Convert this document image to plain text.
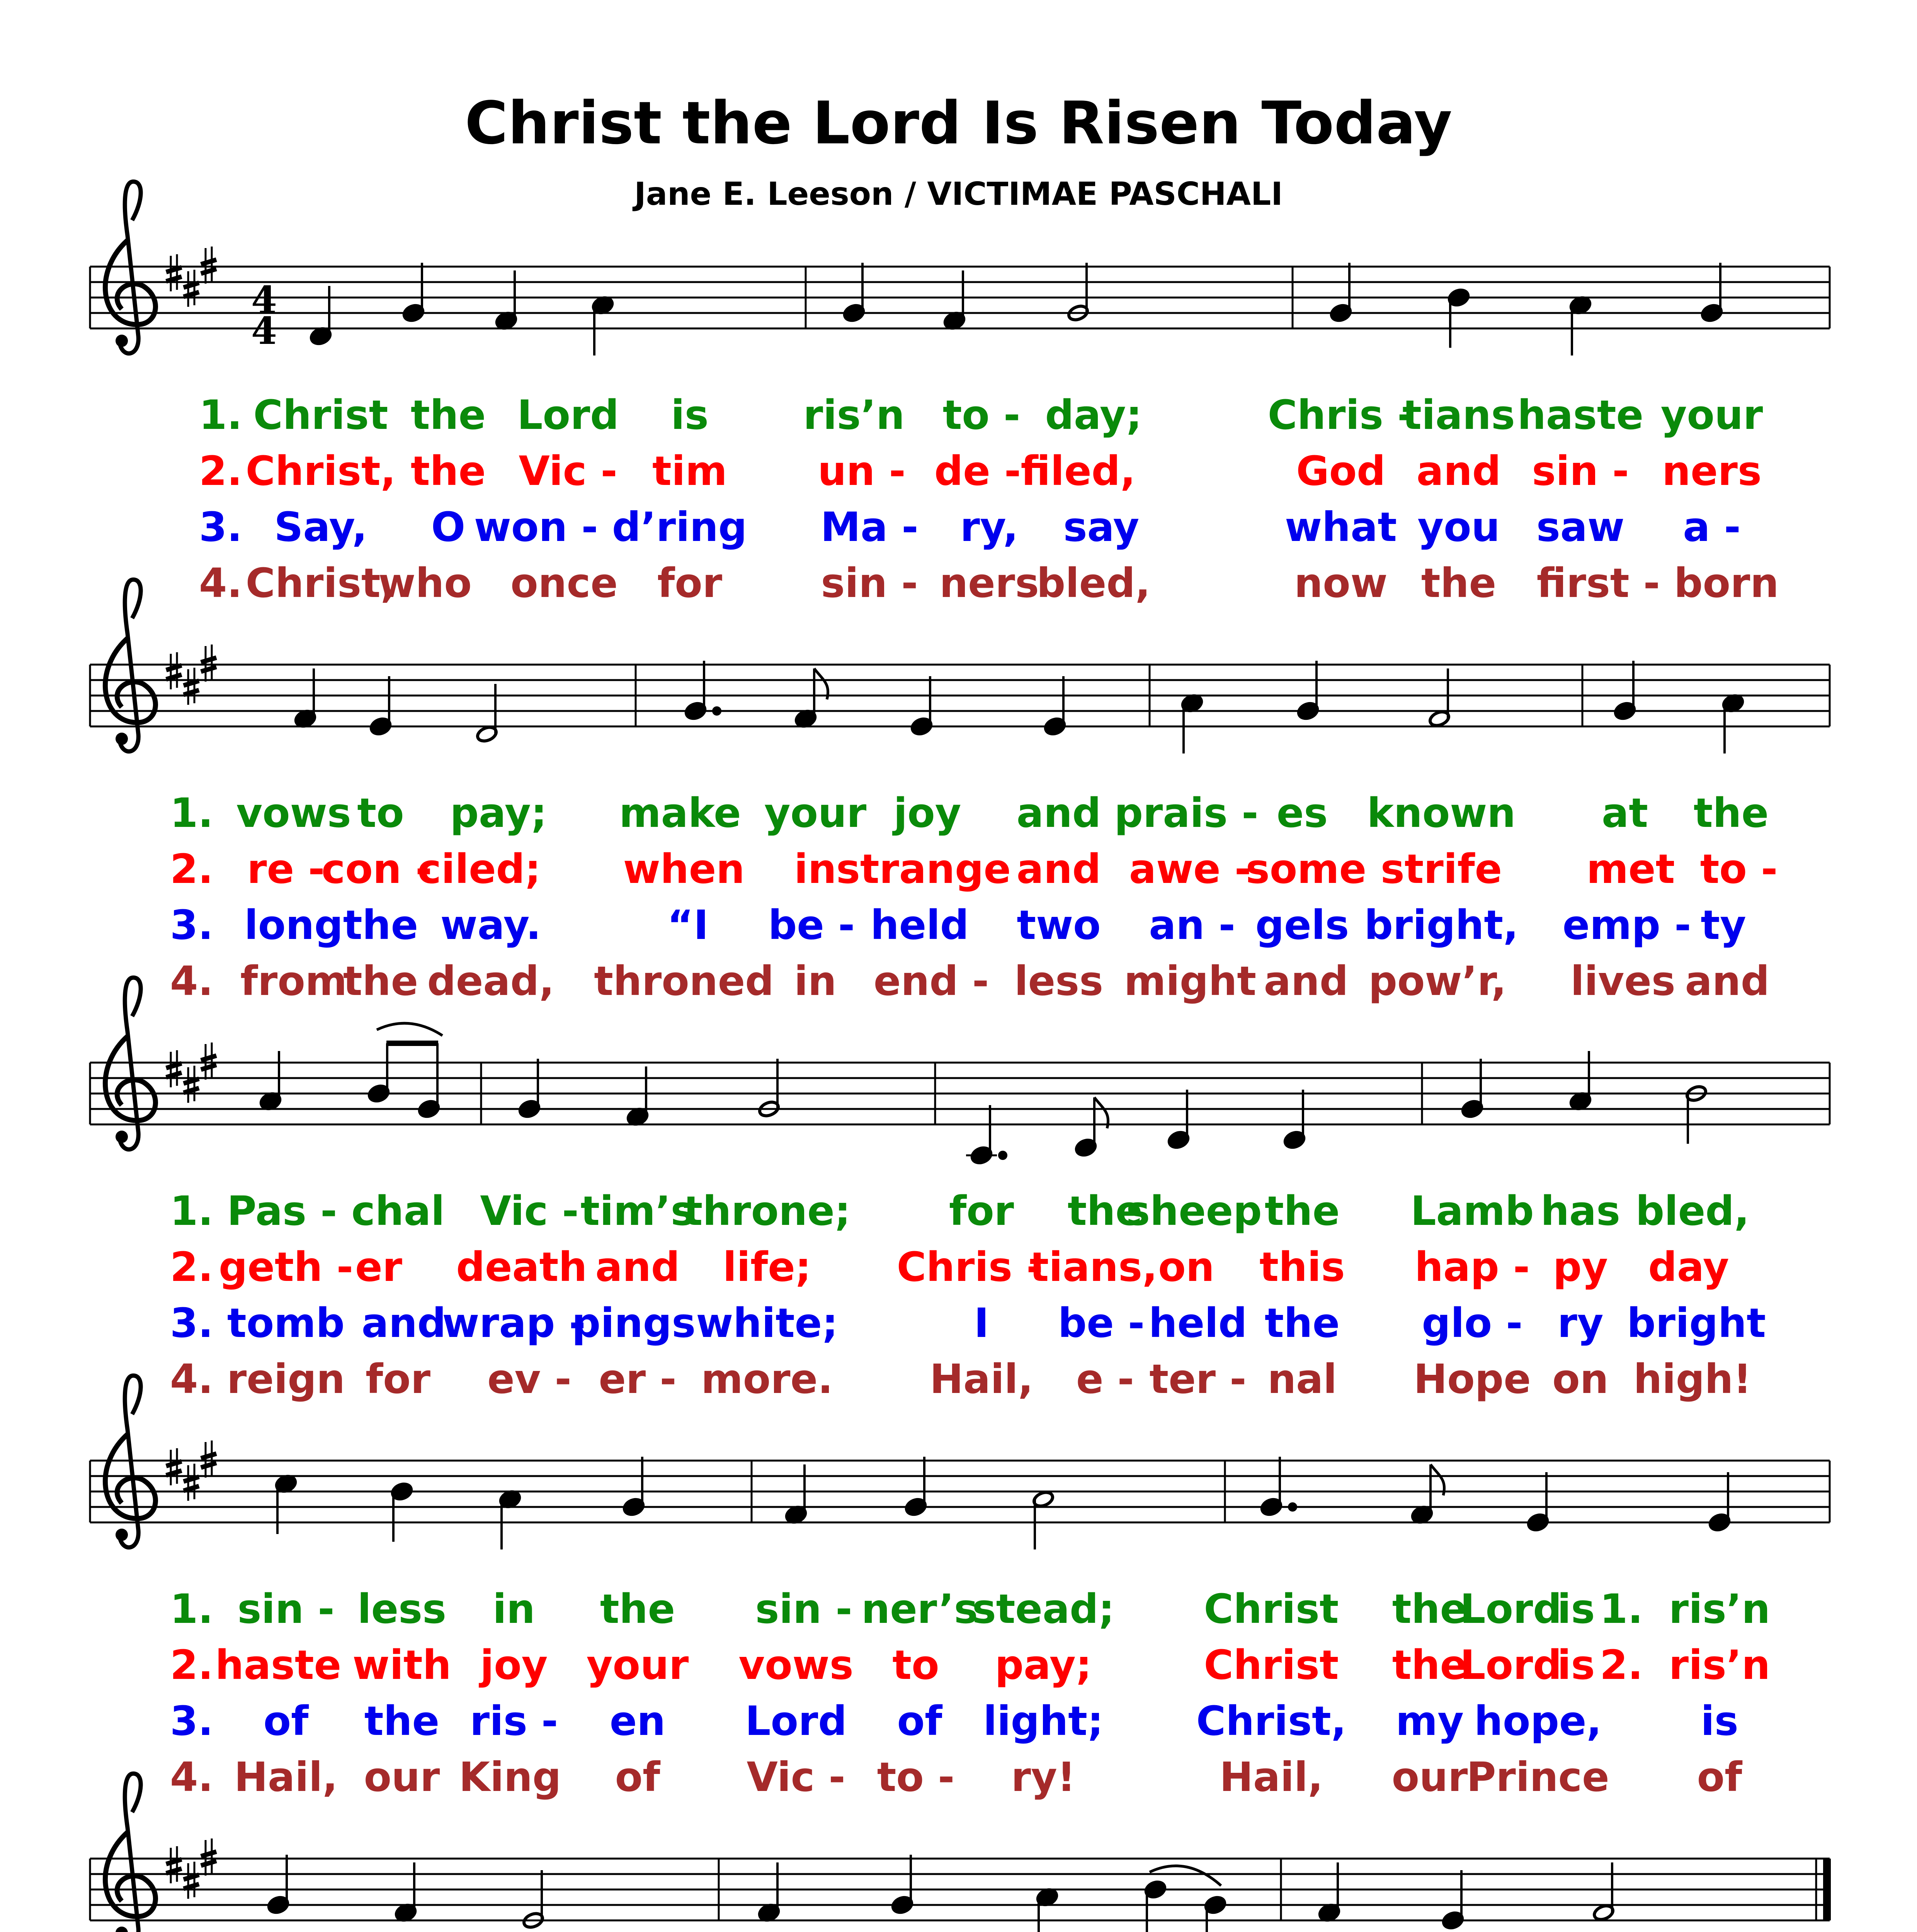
Christ the Lord Is Risen Today
Jane E. Leeson / VICTIMAE PASCHALI
4
4
1. Christ the Lord is ris’n to - day;	Chris -
tians haste your
2. Christ, the Vic - tim un - de - filed,	God and sin - ners
3. Say, O won - d’ring Ma - ry, say	what you saw a -
4. Christ,
who once for sin - ners
bled,	now the first - born
1. vows to pay; make your joy and prais - es known at the
2. re -
con -
ciled; when in strange and awe -
some strife met to -
3. long the way.	“I be - held two an - gels bright, emp - ty
4. from
the dead, throned in end - less might and pow’r, lives and
1. Pas - chal Vic - tim’s
throne; for the
sheep the Lamb has bled,
2. geth - er death and life; Chris -
tians, on this hap - py day
3. tomb and
wrap -
pings white;	I be - held the glo - ry bright
4. reign for ev - er - more. Hail, e - ter - nal Hope on high!
1. sin - less in the sin - ner’s
stead; Christ the
Lord
is 1. ris’n
2. haste with joy your vows to pay;	Christ the
Lord
is 2. ris’n
3. of the ris - en Lord of light; Christ, my hope, is
4. Hail, our King of Vic - to - ry!	Hail, our
Prince of
